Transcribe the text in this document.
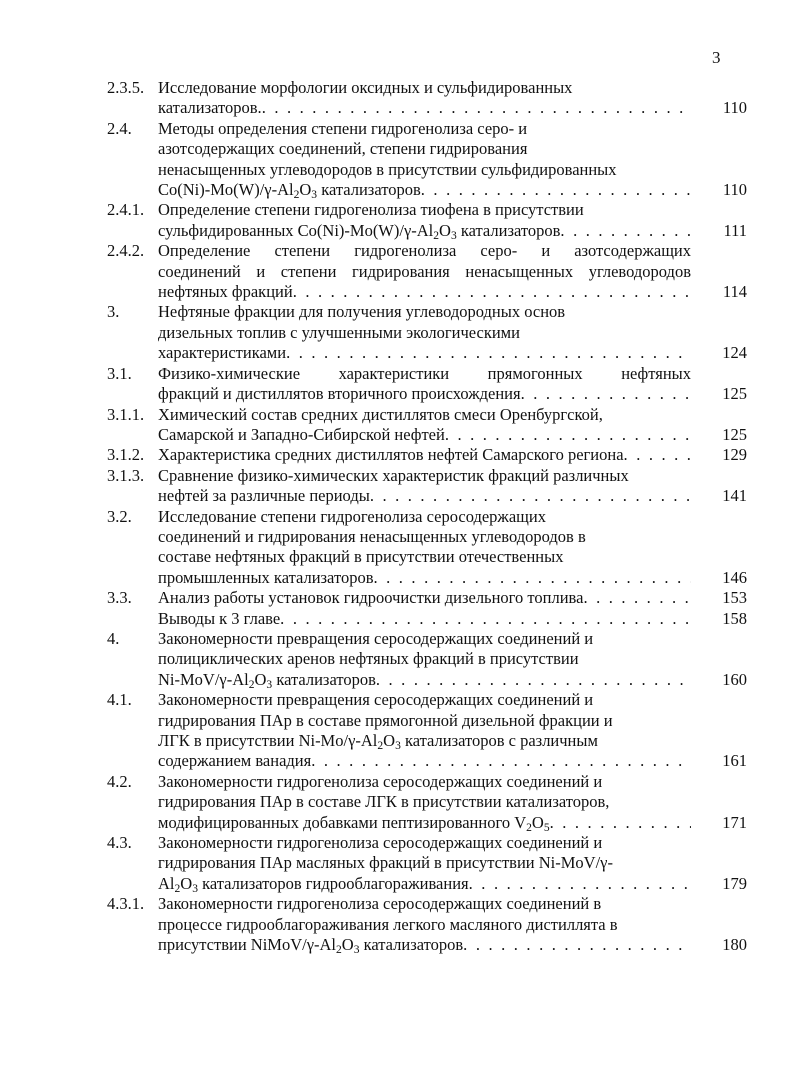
3
2.3.5. Исследование морфологии оксидных и сульфидированных
катализаторов. . . .	110
2.4.	Методы определения степени гидрогенолиза серо- и
азотсодержащих соединений, степени гидрирования
ненасыщенных углеводородов в присутствии сульфидированных
$Co(Ni)-Mo(W)/\gamma-Al_2O_3$ катализаторов . . .	110
2.4.1. Определение степени гидрогенолиза тиофена в присутствии
сульфидированных $Co(Ni)-Mo(W)/\gamma-Al_2O_3$ катализаторов . . .	111
2.4.2. Определение степени гидрогенолиза серо- и азотсодержащих
соединений и степени гидрирования ненасыщенных углеводородов
нефтяных фракций . . .	114
3.	Нефтяные фракции для получения углеводородных основ
дизельных топлив с улучшенными экологическими
характеристиками . . .	124
3.1.	Физико-химические характеристики прямогонных нефтяных
фракций и дистиллятов вторичного происхождения . . .	125
3.1.1. Химический состав средних дистиллятов смеси Оренбургской,
Самарской и Западно-Сибирской нефтей . . .	125
3.1.2. Характеристика средних дистиллятов нефтей Самарского региона . . .	129
3.1.3. Сравнение физико-химических характеристик фракций различных
нефтей за различные периоды . . .	141
3.2.	Исследование степени гидрогенолиза серосодержащих
соединений и гидрирования ненасыщенных углеводородов в
составе нефтяных фракций в присутствии отечественных
промышленных катализаторов . . .	146
3.3.	Анализ работы установок гидроочистки дизельного топлива . . .	153
Выводы к 3 главе . . .	158
4.	Закономерности превращения серосодержащих соединений и
полициклических аренов нефтяных фракций в присутствии
$Ni-MoV/\gamma-Al_2O_3$ катализаторов . . .	160
4.1.	Закономерности превращения серосодержащих соединений и
гидрирования ПАр в составе прямогонной дизельной фракции и
ЛГК в присутствии $Ni-Mo/\gamma-Al_2O_3$ катализаторов с различным
содержанием ванадия . . .	161
4.2.	Закономерности гидрогенолиза серосодержащих соединений и
гидрирования ПАр в составе ЛГК в присутствии катализаторов,
модифицированных добавками пептизированного $V_2O_5$ . . .	171
4.3.	Закономерности гидрогенолиза серосодержащих соединений и
гидрирования ПАр масляных фракций в присутствии Ni-MoV/γ-
$Al_2O_3$ катализаторов гидрооблагораживания . . .	179
4.3.1. Закономерности гидрогенолиза серосодержащих соединений в
процессе гидрооблагораживания легкого масляного дистиллята в
присутствии NiMoV/$\gamma-Al_2O_3$ катализаторов . . .	180
